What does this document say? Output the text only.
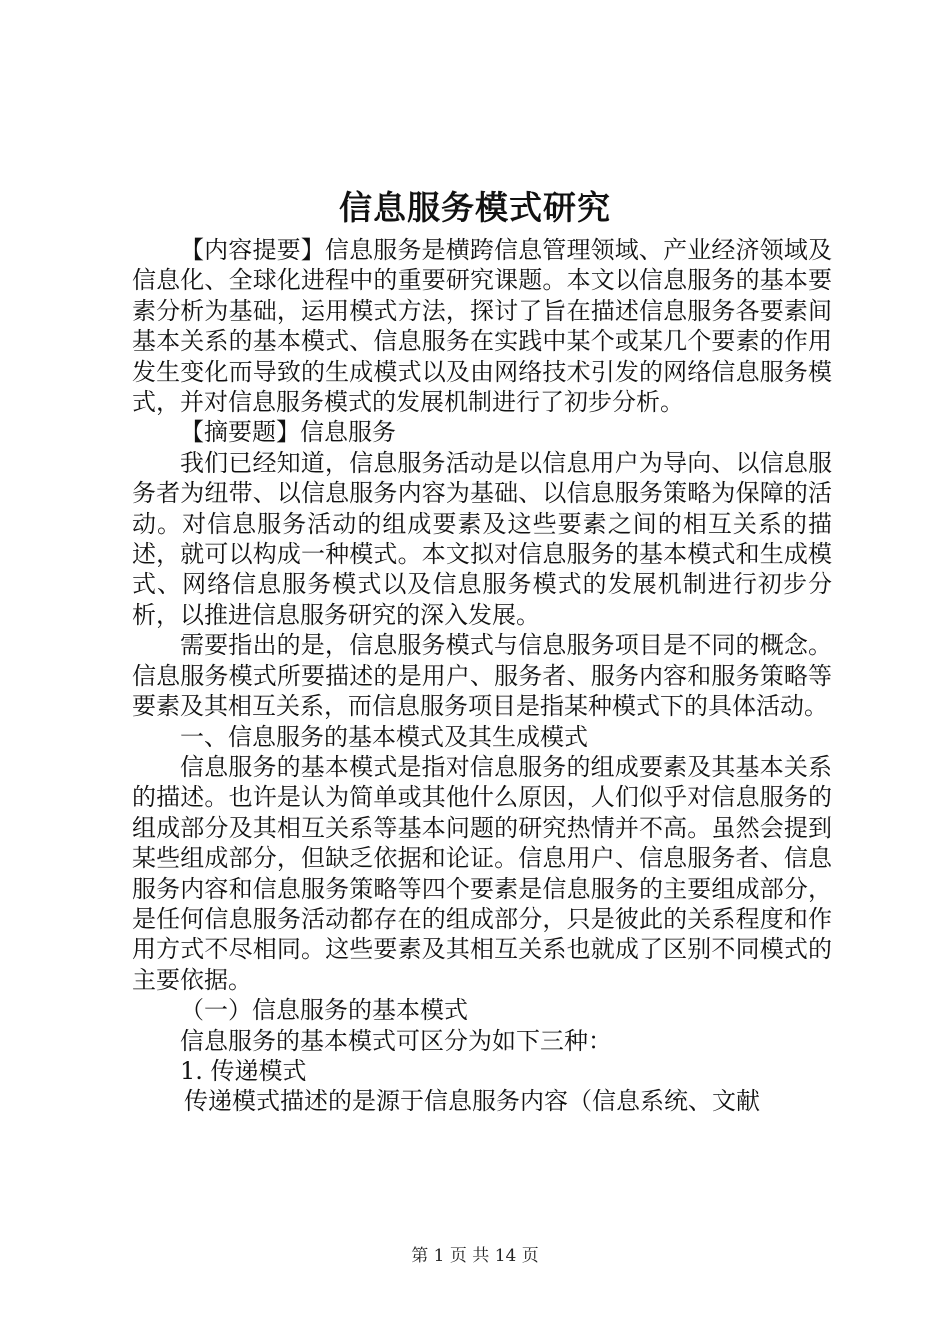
信息服务模式研究

【内容提要】信息服务是横跨信息管理领域、产业经济领域及信息化、全球化进程中的重要研究课题。本文以信息服务的基本要素分析为基础，运用模式方法，探讨了旨在描述信息服务各要素间基本关系的基本模式、信息服务在实践中某个或某几个要素的作用发生变化而导致的生成模式以及由网络技术引发的网络信息服务模式，并对信息服务模式的发展机制进行了初步分析。

【摘要题】信息服务

我们已经知道，信息服务活动是以信息用户为导向、以信息服务者为纽带、以信息服务内容为基础、以信息服务策略为保障的活动。对信息服务活动的组成要素及这些要素之间的相互关系的描述，就可以构成一种模式。本文拟对信息服务的基本模式和生成模式、网络信息服务模式以及信息服务模式的发展机制进行初步分析，以推进信息服务研究的深入发展。

需要指出的是，信息服务模式与信息服务项目是不同的概念。信息服务模式所要描述的是用户、服务者、服务内容和服务策略等要素及其相互关系，而信息服务项目是指某种模式下的具体活动。

一、信息服务的基本模式及其生成模式

信息服务的基本模式是指对信息服务的组成要素及其基本关系的描述。也许是认为简单或其他什么原因，人们似乎对信息服务的组成部分及其相互关系等基本问题的研究热情并不高。虽然会提到某些组成部分，但缺乏依据和论证。信息用户、信息服务者、信息服务内容和信息服务策略等四个要素是信息服务的主要组成部分，是任何信息服务活动都存在的组成部分，只是彼此的关系程度和作用方式不尽相同。这些要素及其相互关系也就成了区别不同模式的主要依据。

（一）信息服务的基本模式

信息服务的基本模式可区分为如下三种：

1. 传递模式

传递模式描述的是源于信息服务内容（信息系统、文献

第 1 页 共 14 页
